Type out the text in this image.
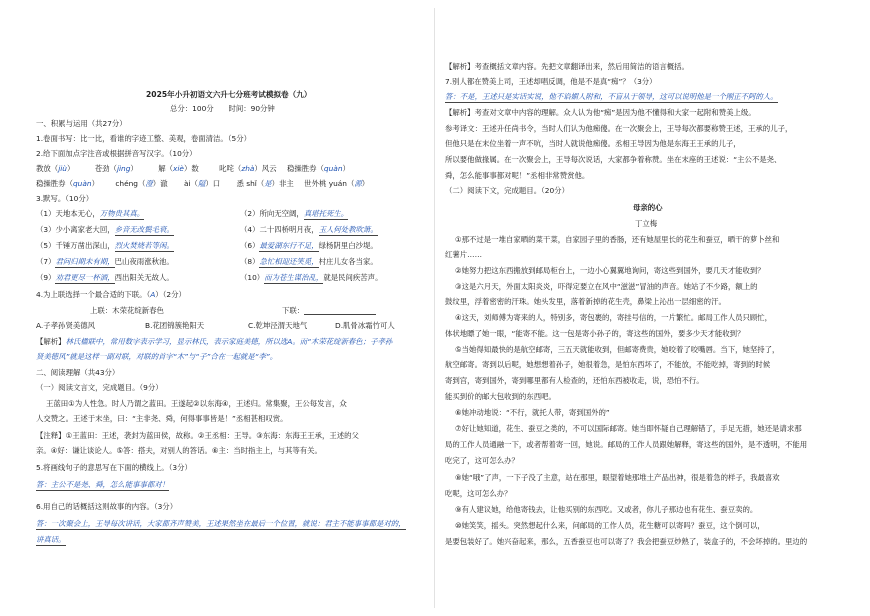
2025年小升初语文六升七分班考试模拟卷（九）
总分：100分　　时间：90分钟
一、积累与运用（共27分）
1.卷面书写：比一比，看谁的字迹工整、美观，卷面清洁。（5分）
2.给下面加点字注音或根据拼音写汉字。（10分）
教放（jiù）	苍劲（jìng）	解（xiè）数	叱咤（zhà）风云 稳操胜券（quàn）
稳操胜券（quàn） chéng（澄）澈 ài（隘）口 悉 shǐ（是）非主 世外桃 yuán（源）
3.默写。（10分）
（1）天地本无心，万物贵其真。	（2）所向无空阔，真堪托死生。
（3）少小离家老大回，乡音无改鬓毛衰。	（4）二十四桥明月夜，玉人何处教吹箫。
（5）千锤万凿出深山，烈火焚烧若等闲。	（6）最爱湖东行不足，绿杨阴里白沙堤。
（7）君问归期未有期，巴山夜雨涨秋池。	（8）急忙相迎还笑觅，村庄儿女各当家。
（9）劝君更尽一杯酒，西出阳关无故人。	（10）而为苍生谋治乱，就是民间疾苦声。
4.为上联选择一个最合适的下联。（A）（2分）
上联：木荣花绽新春色	下联：
A.子孝孙贤美德风	B.花团锦簇艳阳天	C.乾坤泾渭天地气	D.肌骨冰霜竹可人
【解析】林氏楹联中，常用数字表示学习，显示林氏，表示家庭美德，所以选A。而“木荣花绽新春色；子孝孙
贤美德风”就是这样一副对联，对联的首字“木”与“子”合在一起就是“李”。
二、阅读理解（共43分）
（一）阅读文言文，完成题目。（9分）
王蓝田①为人性急。时人乃谓之蓝田。王遂起②以东海④，王述归。常集聚，王公每发言，众
人交赞之。王述于末坐，曰：“主非尧、舜，何得事事皆是！”丞相甚相叹赏。
【注释】①王蓝田：王述，袭封为蓝田侯，故称。②王丞相：王导。③东海：东海王王承，王述的父
亲。④好：谦让谈论人。⑤答：搭夫，对别人的答话。⑥主：当时指主上，与其等有关。
5.将画线句子的意思写在下面的横线上。（3分）
答：主公不是尧、舜，怎么能事事都对！
6.用自己的话概括这则故事的内容。（3分）
答：一次聚会上，王导每次讲话，大家都齐声赞美，王述果然坐在最后一个位置，就说：君主不能事事都是对的，
讲真话。
【解析】考查概括文章内容。先把文章翻译出来，然后用简洁的语言概括。
7.别人都在赞美上司，王述却唱反调，他是不是真“痴”？（3分）
答：不是，王述只是实话实说，他不谄媚人附和，不盲从于领导，这可以说明他是一个刚正不阿的人。
【解析】考查对文章中内容的理解。众人认为他“痴”是因为他不懂得和大家一起附和赞美上级。
参考译文：王述升任尚书令，当时人们认为他痴傻。在一次聚会上，王导每次都要称赞王述，王承的儿子，
但他只是在末位坐着一声不吭，当时人就说他痴傻。丞相王导因为他是东海王王承的儿子，
所以要他做掾属。在一次聚会上，王导每次说话，大家都争着称赞。坐在末座的王述说：“主公不是尧、
舜，怎么能事事都对呢！”丞相非常赞赏他。
（二）阅读下文，完成题目。（20分）
母亲的心
丁立梅
①那不过是一堆自家晒的菜干菜，自家园子里的香肠，还有她屋里长的花生和蚕豆，晒干的萝卜丝和
红薯片……
②她努力把这东西搬放到邮局柜台上，一边小心翼翼地询问，寄这些到国外，要几天才能收到？
③这是六月天，外面太阳炎炎，吓得定要立在风中“滋滋”冒油的声音。她站了不少路，额上的
鼓纹里，浮着密密的汗珠。她头发里，落着新掉的花生壳，鼻梁上沁出一层细密的汗。
④这天，刘师傅为寄来的人，特别多，寄包裹的，寄挂号信的，一片繁忙。邮局工作人员只顾忙，
体状地瞟了她一眼，“能寄不能。这一包是寄小孙子的，寄这些的国外，要多少天才能收到？
⑤当她得知最快的是航空邮寄，三五天就能收到，但邮寄费贵，她咬着了咬嘴唇。当下，她坚持了，
航空邮寄。寄到以后呢，她想想着孙子，她很着急，是怕东西坏了，不能放，不能吃掉，寄到的时候
寄到宫，寄到国外，寄到哪里都有人检查的，还怕东西被收走，说，恐怕不行。
能买到价的邮大包收到的东西吧。
⑥她冲动地说：“不行，就托人带，寄到国外的”
⑦好让她知道，花生、蚕豆之类的，不可以国际邮寄。她当即怀疑自己理解错了，手足无措，她还是请求那
局的工作人员通融一下，或者帮着寄一回，她说。邮局的工作人员跟她解释，寄这些的国外，是不透明，不能用
吃完了，这可怎么办？
⑧她“哦”了声，一下子没了主意，站在那里，眼望着她那堆土产品出神，很是着急的样子，我最喜欢
吃呢，这可怎么办？
⑨有人建议她，给他寄钱去，让他买别的东西吃。又或者，你儿子那边也有花生、蚕豆卖的。
⑩她笑笑，摇头。突然想起什么来，问邮局的工作人员，花生糖可以寄吗？蚕豆，这个倒可以，
是要包装好了。她兴奋起来，那么，五香蚕豆也可以寄了？我会把蚕豆炒熟了，装盒子的，不会坏掉的。里边的
